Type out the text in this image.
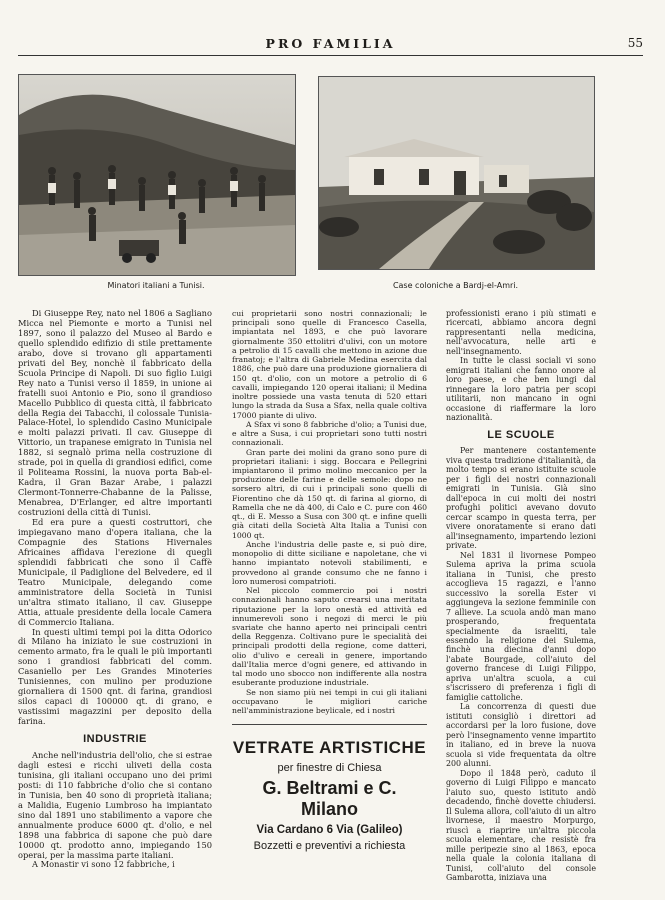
PRO FAMILIA	55
Minatori italiani a Tunisi.	Case coloniche a Bardj-el-Amri.

Di Giuseppe Rey, nato nel 1806 a Sagliano Micca nel Piemonte e morto a Tunisi nel 1897, sono il palazzo del Museo al Bardo e quello splendido edifizio di stile prettamente arabo, dove si trovano gli appartamenti privati del Bey, nonchè il fabbricato della Scuola Principe di Napoli. Di suo figlio Luigi Rey nato a Tunisi verso il 1859, in unione ai fratelli suoi Antonio e Pio, sono il grandioso Macello Pubblico di questa città, il fabbricato della Regia dei Tabacchi, il colossale Tunisia-Palace-Hotel, lo splendido Casino Municipale e molti palazzi privati. Il cav. Giuseppe di Vittorio, un trapanese emigrato in Tunisia nel 1882, si segnalò prima nella costruzione di strade, poi in quella di grandiosi edifici, come il Politeama Rossini, la nuova porta Bab-el-Kadra, il Gran Bazar Arabe, i palazzi Clermont-Tonnerre-Chabanne de la Palisse, Menabrea, D'Erlanger, ed altre importanti costruzioni della città di Tunisi.

Ed era pure a questi costruttori, che impiegavano mano d'opera italiana, che la Compagnie des Stations Hivernales Africaines affidava l'erezione di quegli splendidi fabbricati che sono il Caffè Municipale, il Padiglione del Belvedere, ed il Teatro Municipale, delegando come amministratore della Società in Tunisi un'altra stimato italiano, il cav. Giuseppe Attia, attuale presidente della locale Camera di Commercio Italiana.

In questi ultimi tempi poi la ditta Odorico di Milano ha iniziato le sue costruzioni in cemento armato, fra le quali le più importanti sono i grandiosi fabbricati del comm. Casaniello per Les Grandes Minoteries Tunisiennes, con mulino per produzione giornaliera di 1500 qnt. di farina, grandiosi silos capaci di 100000 qt. di grano, e vastissimi magazzini per deposito della farina.

INDUSTRIE

Anche nell'industria dell'olio, che si estrae dagli estesi e ricchi uliveti della costa tunisina, gli italiani occupano uno dei primi posti: di 110 fabbriche d'olio che si contano in Tunisia, ben 40 sono di proprietà italiana; a Malidia, Eugenio Lumbroso ha impiantato sino dal 1891 uno stabilimento a vapore che annualmente produce 6000 qt. d'olio, e nel 1898 una fabbrica di sapone che può dare 10000 qt. prodotto anno, impiegando 150 operai, per la massima parte italiani.

A Monastir vi sono 12 fabbriche, i

cui proprietarii sono nostri connazionali; le principali sono quelle di Francesco Casella, impiantata nel 1893, e che può lavorare giornalmente 350 ettolitri d'ulivi, con un motore a petrolio di 15 cavalli che mettono in azione due franatoj; e l'altra di Gabriele Medina esercita dal 1886, che può dare una produzione giornaliera di 150 qt. d'olio, con un motore a petrolio di 6 cavalli, impiegando 120 operai italiani; il Medina inoltre possiede una vasta tenuta di 520 ettari lungo la strada da Susa a Sfax, nella quale coltiva 17000 piante di ulivo.

A Sfax vi sono 8 fabbriche d'olio; a Tunisi due, e altre a Susa, i cui proprietari sono tutti nostri connazionali.

Gran parte dei molini da grano sono pure di proprietari italiani: i sigg. Boccara e Pellegrini impiantarono il primo molino meccanico per la produzione delle farine e delle semole: dopo ne sorsero altri, di cui i principali sono quelli di Fiorentino che dà 150 qt. di farina al giorno, di Ramella che ne dà 400, di Calo e C. pure con 460 qt., di E. Messo a Susa con 300 qt. e infine quelli già citati della Società Alta Italia a Tunisi con 1000 qt.

Anche l'industria delle paste e, si può dire, monopolio di ditte siciliane e napoletane, che vi hanno impiantato notevoli stabilimenti, e provvedono al grande consumo che ne fanno i loro numerosi compatrioti.

Nel piccolo commercio poi i nostri connazionali hanno saputo crearsi una meritata riputazione per la loro onestà ed attività ed innumerevoli sono i negozi di merci le più svariate che hanno aperto nei principali centri della Reggenza. Coltivano pure le specialità dei principali prodotti della regione, come datteri, olio d'ulivo e cereali in genere, importando dall'Italia merce d'ogni genere, ed attivando in tal modo uno sbocco non indifferente alla nostra esuberante produzione industriale.

Se non siamo più nei tempi in cui gli italiani occupavano le migliori cariche nell'amministrazione beylicale, ed i nostri

VETRATE ARTISTICHE
per finestre di Chiesa
G. Beltrami e C. Milano
Via Cardano 6 Via (Galileo)
Bozzetti e preventivi a richiesta

professionisti erano i più stimati e ricercati, abbiamo ancora degni rappresentanti nella medicina, nell'avvocatura, nelle arti e nell'insegnamento.

In tutte le classi sociali vi sono emigrati italiani che fanno onore al loro paese, e che ben lungi dal rinnegare la loro patria per scopi utilitarii, non mancano in ogni occasione di riaffermare la loro nazionalità.

LE SCUOLE

Per mantenere costantemente viva questa tradizione d'italianità, da molto tempo si erano istituite scuole per i figli dei nostri connazionali emigrati in Tunisia. Già sino dall'epoca in cui molti dei nostri profughi politici avevano dovuto cercar scampo in questa terra, per vivere onoratamente si erano dati all'insegnamento, impartendo lezioni private.

Nel 1831 il livornese Pompeo Sulema apriva la prima scuola italiana in Tunisi, che presto accoglieva 15 ragazzi, e l'anno successivo la sorella Ester vi aggiungeva la sezione femminile con 7 allieve. La scuola andò man mano prosperando, frequentata specialmente da israeliti, tale essendo la religione dei Sulema, finchè una diecina d'anni dopo l'abate Bourgade, coll'aiuto del governo francese di Luigi Filippo, apriva un'altra scuola, a cui s'iscrissero di preferenza i figli di famiglie cattoliche.

La concorrenza di questi due istituti consigliò i direttori ad accordarsi per la loro fusione, dove però l'insegnamento venne impartito in italiano, ed in breve la nuova scuola si vide frequentata da oltre 200 alunni.

Dopo il 1848 però, caduto il governo di Luigi Filippo e mancato l'aiuto suo, questo istituto andò decadendo, finchè dovette chiudersi. Il Sulema allora, coll'aiuto di un altro livornese, il maestro Morpurgo, riuscì a riaprire un'altra piccola scuola elementare, che resistè fra mille peripezie sino al 1863, epoca nella quale la colonia italiana di Tunisi, coll'aiuto del console Gambarotta, iniziava una
